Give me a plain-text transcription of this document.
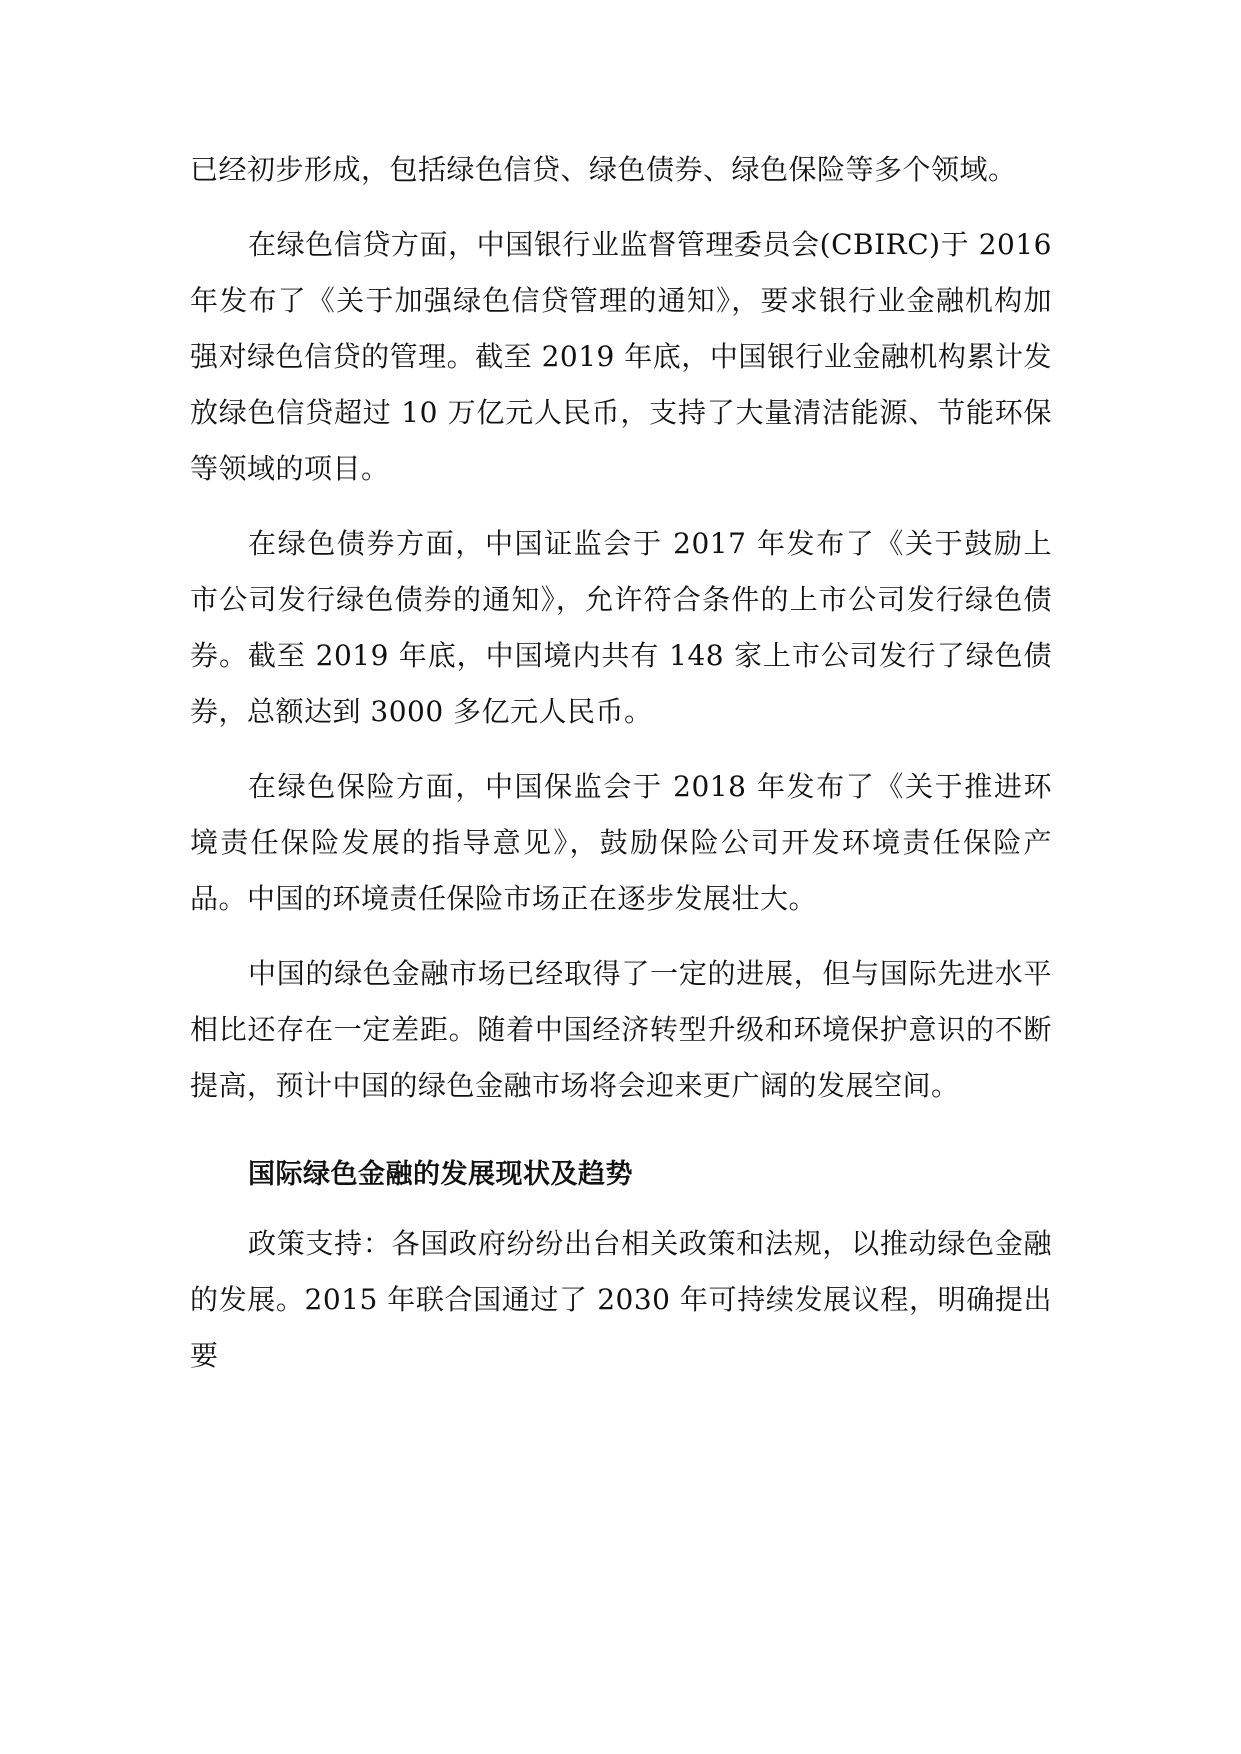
已经初步形成，包括绿色信贷、绿色债券、绿色保险等多个领域。

在绿色信贷方面，中国银行业监督管理委员会(CBIRC)于 2016 年发布了《关于加强绿色信贷管理的通知》，要求银行业金融机构加强对绿色信贷的管理。截至 2019 年底，中国银行业金融机构累计发放绿色信贷超过 10 万亿元人民币，支持了大量清洁能源、节能环保等领域的项目。

在绿色债券方面，中国证监会于 2017 年发布了《关于鼓励上市公司发行绿色债券的通知》，允许符合条件的上市公司发行绿色债券。截至 2019 年底，中国境内共有 148 家上市公司发行了绿色债券，总额达到 3000 多亿元人民币。

在绿色保险方面，中国保监会于 2018 年发布了《关于推进环境责任保险发展的指导意见》，鼓励保险公司开发环境责任保险产品。中国的环境责任保险市场正在逐步发展壮大。

中国的绿色金融市场已经取得了一定的进展，但与国际先进水平相比还存在一定差距。随着中国经济转型升级和环境保护意识的不断提高，预计中国的绿色金融市场将会迎来更广阔的发展空间。

国际绿色金融的发展现状及趋势

政策支持：各国政府纷纷出台相关政策和法规，以推动绿色金融的发展。2015 年联合国通过了 2030 年可持续发展议程，明确提出要
